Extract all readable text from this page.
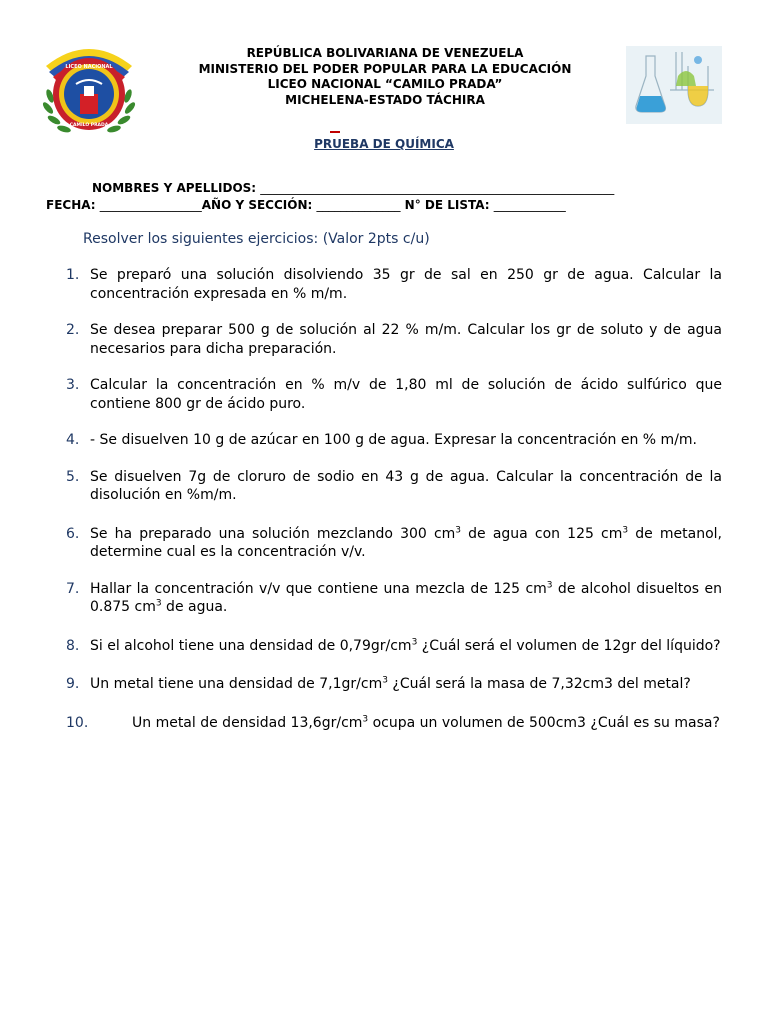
LICEO NACIONAL
CAMILO PRADA
REPÚBLICA BOLIVARIANA DE VENEZUELA
MINISTERIO DEL PODER POPULAR PARA LA EDUCACIÓN
LICEO NACIONAL “CAMILO PRADA”
MICHELENA-ESTADO TÁCHIRA
PRUEBA DE QUÍMICA
NOMBRES Y APELLIDOS: ___________________________________________________________
FECHA: _________________AÑO Y SECCIÓN: ______________ N° DE LISTA: ____________
Resolver los siguientes ejercicios: (Valor 2pts c/u)
1. Se preparó una solución disolviendo 35 gr de sal en 250 gr de agua. Calcular la concentración expresada en % m/m.
2. Se desea preparar 500 g de solución al 22 % m/m. Calcular los gr de soluto y de agua necesarios para dicha preparación.
3. Calcular la concentración en % m/v de 1,80 ml de solución de ácido sulfúrico que contiene 800 gr de ácido puro.
4. - Se disuelven 10 g de azúcar en 100 g de agua. Expresar la concentración en % m/m.
5. Se disuelven 7g de cloruro de sodio en 43 g de agua. Calcular la concentración de la disolución en %m/m.
6. Se ha preparado una solución mezclando 300 $cm^3$ de agua con 125 $cm^3$ de metanol, determine cual es la concentración v/v.
7. Hallar la concentración v/v que contiene una mezcla de 125 $cm^3$ de alcohol disueltos en 0.875 $cm^3$ de agua.
8. Si el alcohol tiene una densidad de $0,79gr/cm^3$ ¿Cuál será el volumen de 12gr del líquido?
9. Un metal tiene una densidad de $7,1gr/cm^3$ ¿Cuál será la masa de 7,32cm3 del metal?
10.	Un metal de densidad $13,6gr/cm^3$ ocupa un volumen de 500cm3 ¿Cuál es su masa?
